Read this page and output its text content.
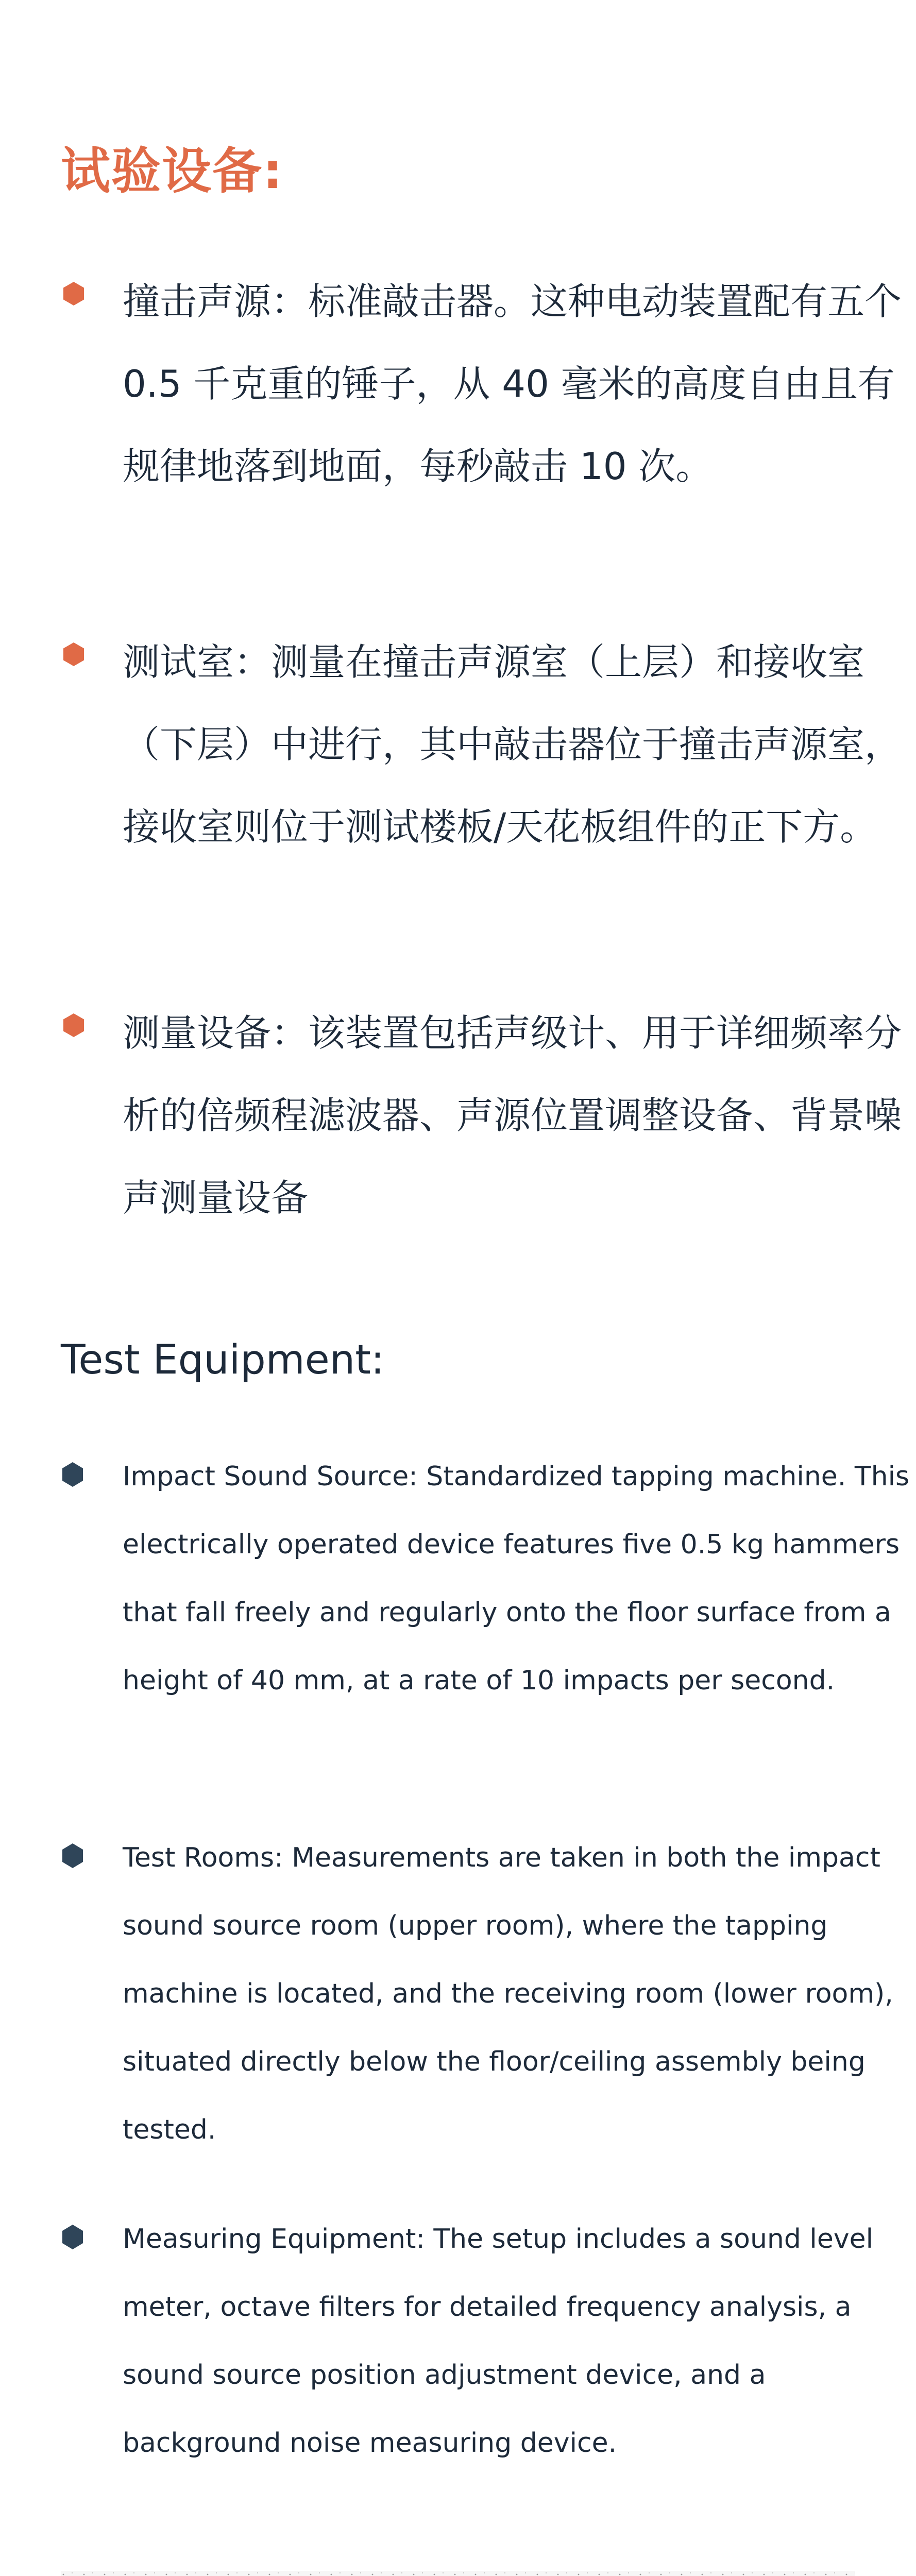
试验设备:

撞击声源：标准敲击器。这种电动装置配有五个 0.5 千克重的锤子，从 40 毫米的高度自由且有规律地落到地面，每秒敲击 10 次。

测试室：测量在撞击声源室（上层）和接收室（下层）中进行，其中敲击器位于撞击声源室，接收室则位于测试楼板/天花板组件的正下方。

测量设备：该装置包括声级计、用于详细频率分析的倍频程滤波器、声源位置调整设备、背景噪声测量设备

Test Equipment:

Impact Sound Source: Standardized tapping machine. This electrically operated device features five 0.5 kg hammers that fall freely and regularly onto the floor surface from a height of 40 mm, at a rate of 10 impacts per second.

Test Rooms: Measurements are taken in both the impact sound source room (upper room), where the tapping machine is located, and the receiving room (lower room), situated directly below the floor/ceiling assembly being tested.

Measuring Equipment: The setup includes a sound level meter, octave filters for detailed frequency analysis, a sound source position adjustment device, and a background noise measuring device.
